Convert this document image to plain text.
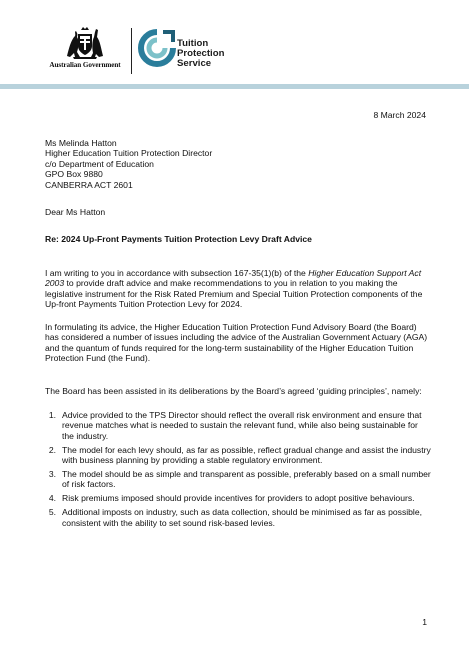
Australian Government
Tuition
Protection
Service
8 March 2024
Ms Melinda Hatton
Higher Education Tuition Protection Director
c/o Department of Education
GPO Box 9880
CANBERRA ACT 2601
Dear Ms Hatton
Re: 2024 Up-Front Payments Tuition Protection Levy Draft Advice
I am writing to you in accordance with subsection 167-35(1)(b) of the Higher Education Support Act 2003 to provide draft advice and make recommendations to you in relation to you making the legislative instrument for the Risk Rated Premium and Special Tuition Protection components of the Up-front Payments Tuition Protection Levy for 2024.
In formulating its advice, the Higher Education Tuition Protection Fund Advisory Board (the Board) has considered a number of issues including the advice of the Australian Government Actuary (AGA) and the quantum of funds required for the long-term sustainability of the Higher Education Tuition Protection Fund (the Fund).
The Board has been assisted in its deliberations by the Board’s agreed ‘guiding principles’, namely:
1. Advice provided to the TPS Director should reflect the overall risk environment and ensure that revenue matches what is needed to sustain the relevant fund, while also being sustainable for the industry.
2. The model for each levy should, as far as possible, reflect gradual change and assist the industry with business planning by providing a stable regulatory environment.
3. The model should be as simple and transparent as possible, preferably based on a small number of risk factors.
4. Risk premiums imposed should provide incentives for providers to adopt positive behaviours.
5. Additional imposts on industry, such as data collection, should be minimised as far as possible, consistent with the ability to set sound risk-based levies.
1
